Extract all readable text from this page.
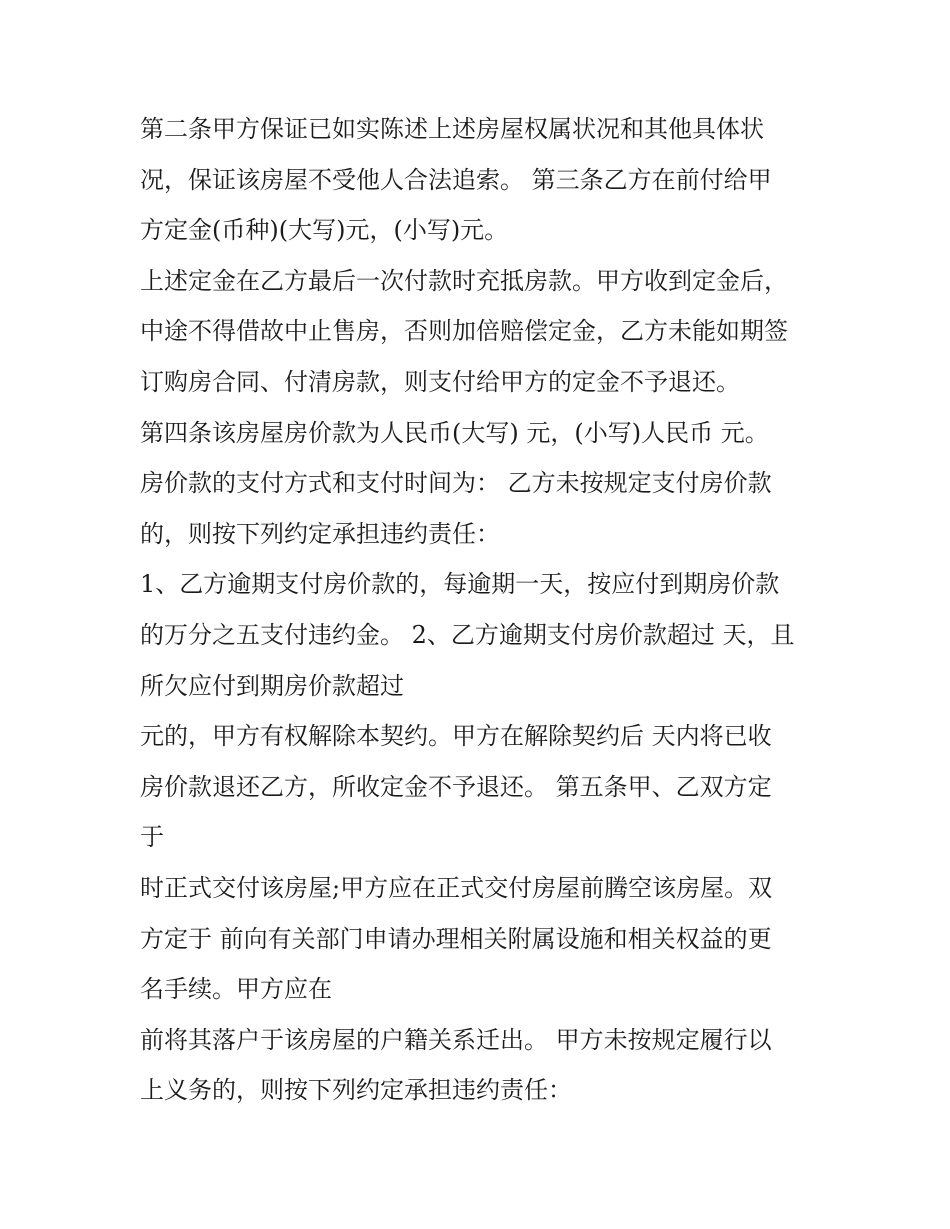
第二条甲方保证已如实陈述上述房屋权属状况和其他具体状
况，保证该房屋不受他人合法追索。 第三条乙方在前付给甲
方定金(币种)(大写)元，(小写)元。
上述定金在乙方最后一次付款时充抵房款。甲方收到定金后，
中途不得借故中止售房，否则加倍赔偿定金，乙方未能如期签
订购房合同、付清房款，则支付给甲方的定金不予退还。
第四条该房屋房价款为人民币(大写) 元，(小写)人民币 元。
房价款的支付方式和支付时间为： 乙方未按规定支付房价款
的，则按下列约定承担违约责任：
1、乙方逾期支付房价款的，每逾期一天，按应付到期房价款
的万分之五支付违约金。 2、乙方逾期支付房价款超过 天，且
所欠应付到期房价款超过
元的，甲方有权解除本契约。甲方在解除契约后 天内将已收
房价款退还乙方，所收定金不予退还。 第五条甲、乙双方定
于
时正式交付该房屋;甲方应在正式交付房屋前腾空该房屋。双
方定于 前向有关部门申请办理相关附属设施和相关权益的更
名手续。甲方应在
前将其落户于该房屋的户籍关系迁出。 甲方未按规定履行以
上义务的，则按下列约定承担违约责任：
